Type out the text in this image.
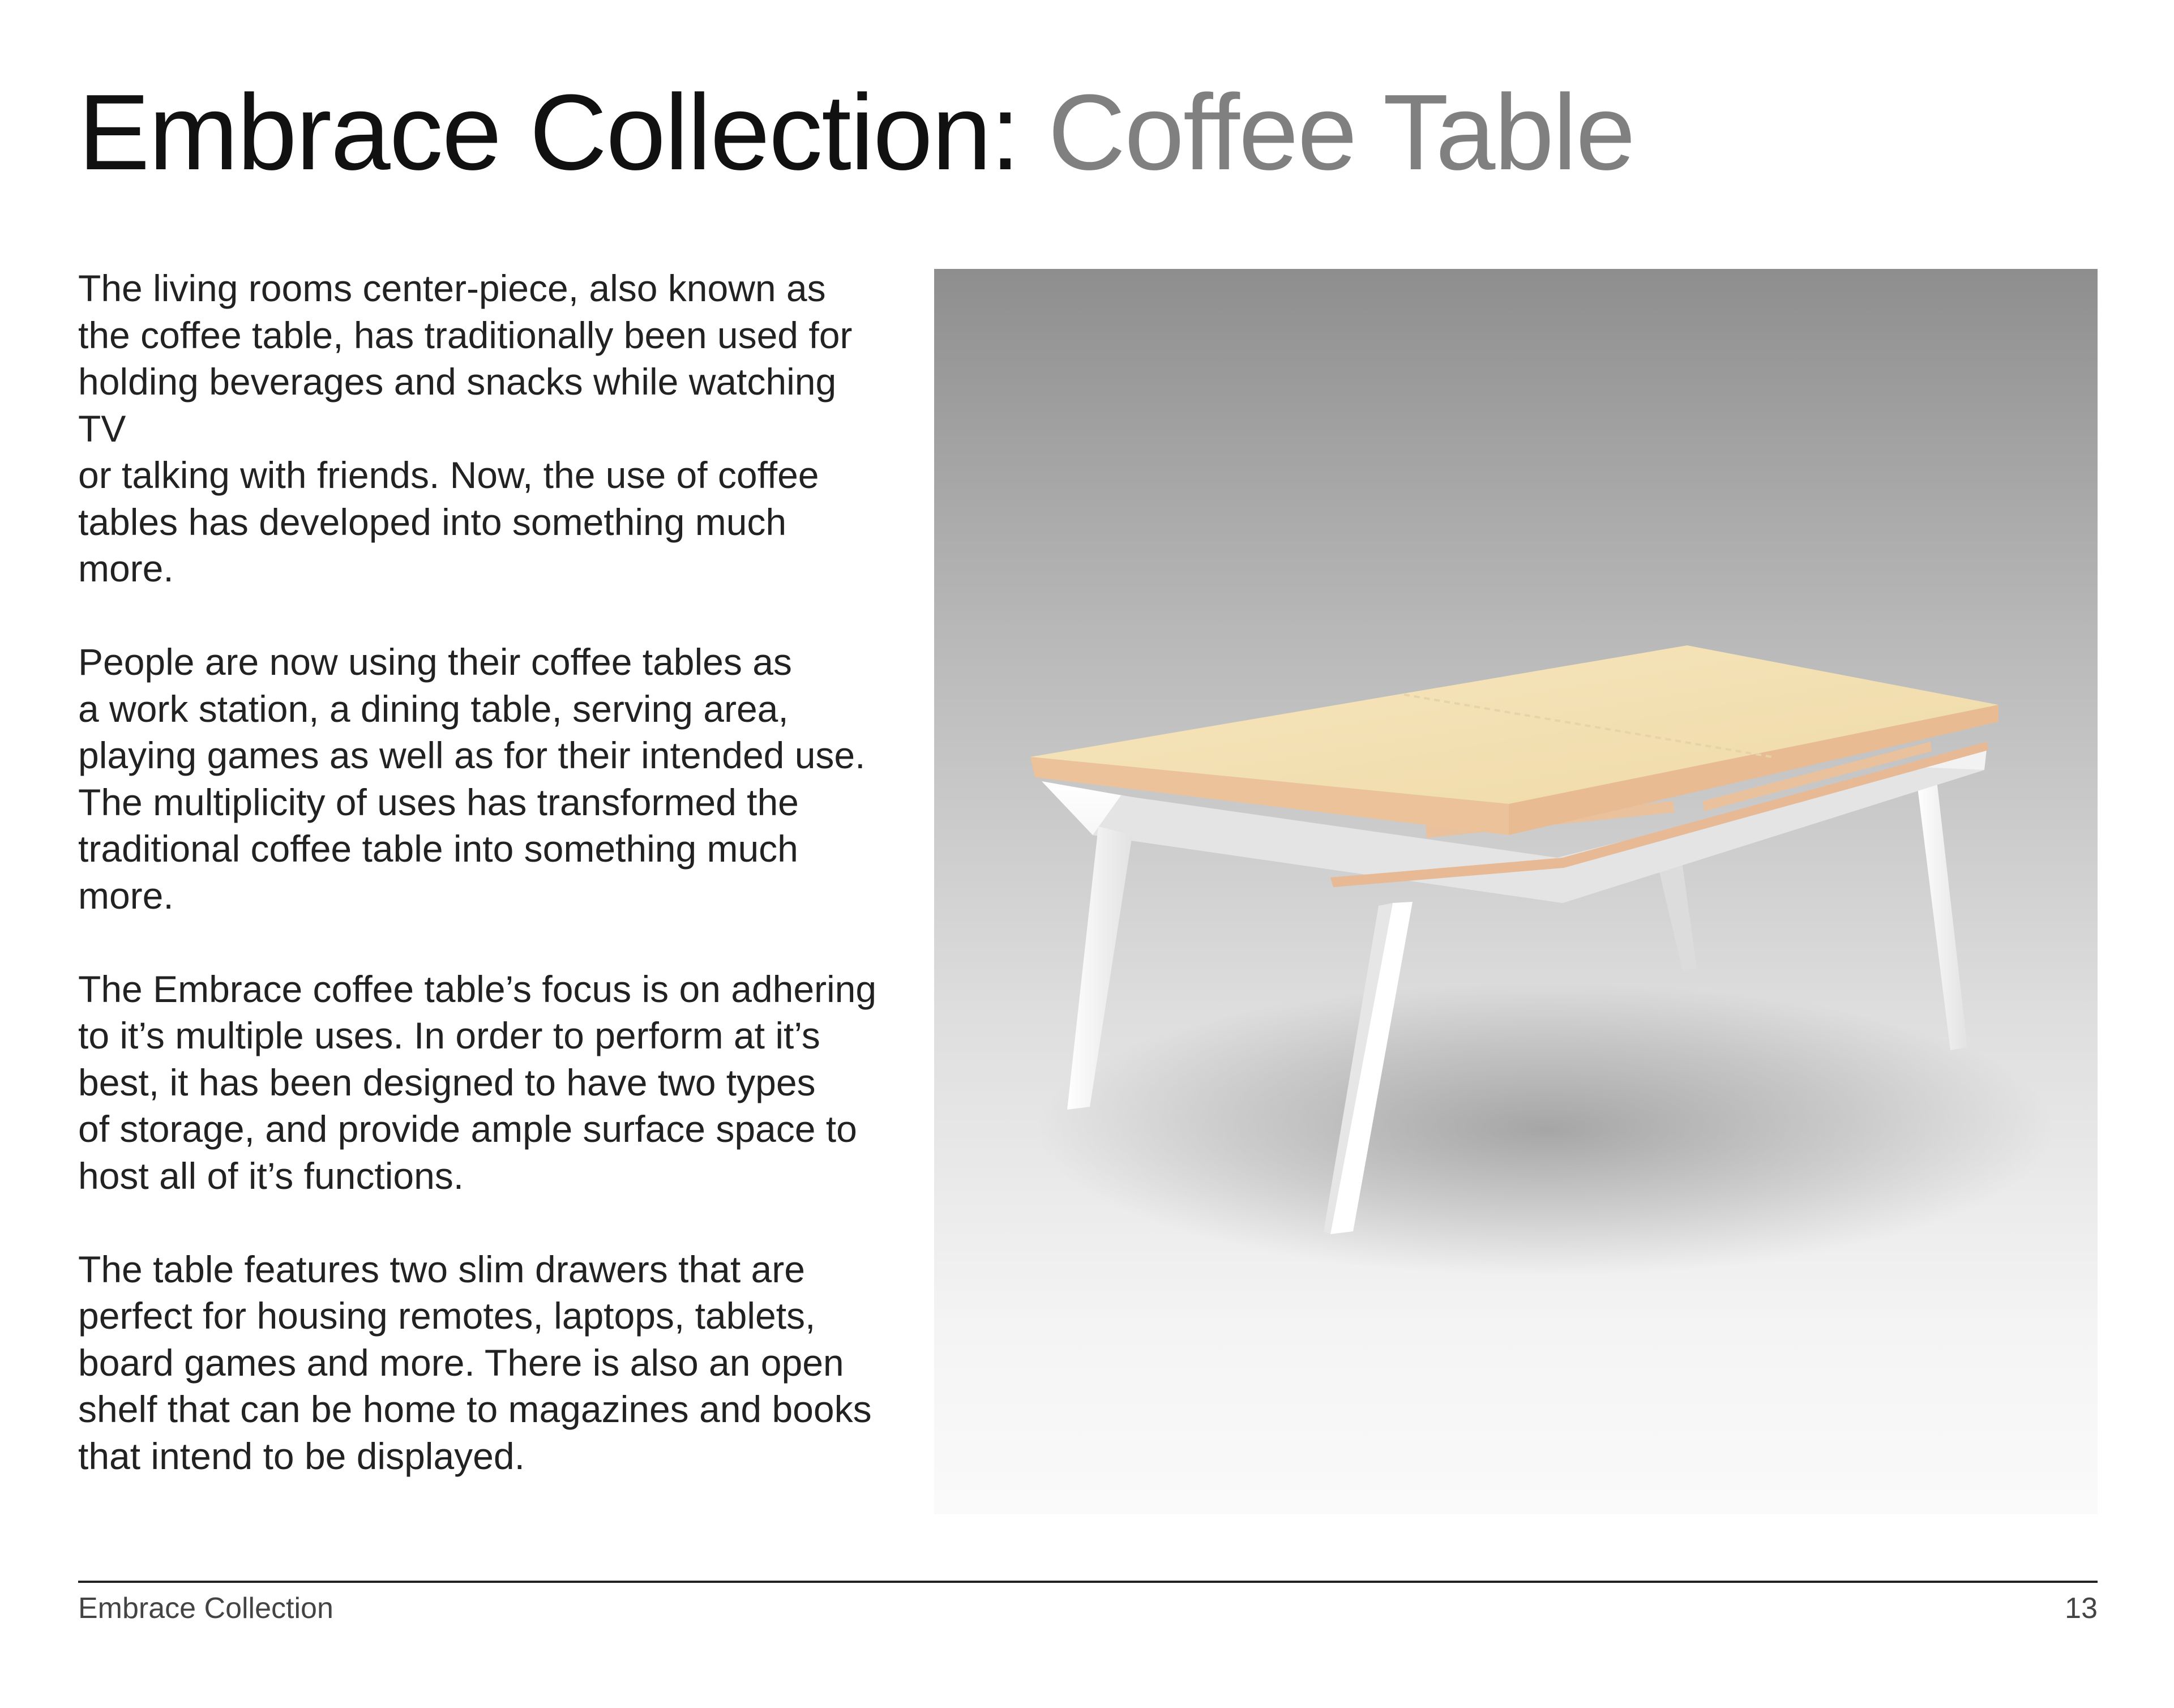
Embrace Collection: Coffee Table

The living rooms center-piece, also known as
the coffee table, has traditionally been used for
holding beverages and snacks while watching TV
or talking with friends. Now, the use of coffee
tables has developed into something much
more.

People are now using their coffee tables as
a work station, a dining table, serving area,
playing games as well as for their intended use.
The multiplicity of uses has transformed the
traditional coffee table into something much
more.

The Embrace coffee table’s focus is on adhering
to it’s multiple uses. In order to perform at it’s
best, it has been designed to have two types
of storage, and provide ample surface space to
host all of it’s functions.

The table features two slim drawers that are
perfect for housing remotes, laptops, tablets,
board games and more. There is also an open
shelf that can be home to magazines and books
that intend to be displayed.

Embrace Collection	13
